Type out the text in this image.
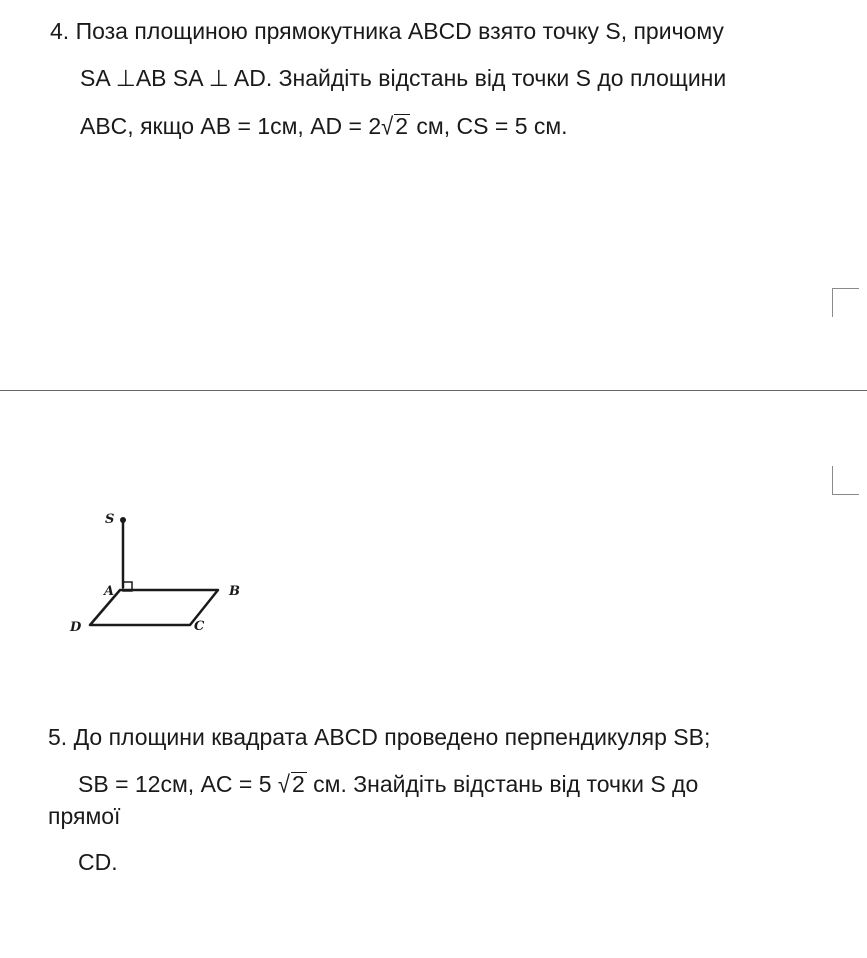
4. Поза площиною прямокутника ABCD взято точку S, причому
SA ⊥AB SA ⊥ AD. Знайдіть відстань від точки S до площини
ABC, якщо AB = 1см, AD = 2√2 см, CS = 5 см.
S
A	B
C
D
5. До площини квадрата ABCD проведено перпендикуляр SB;
SB = 12см, AC = 5 √2 см. Знайдіть відстань від точки S до
прямої
CD.
